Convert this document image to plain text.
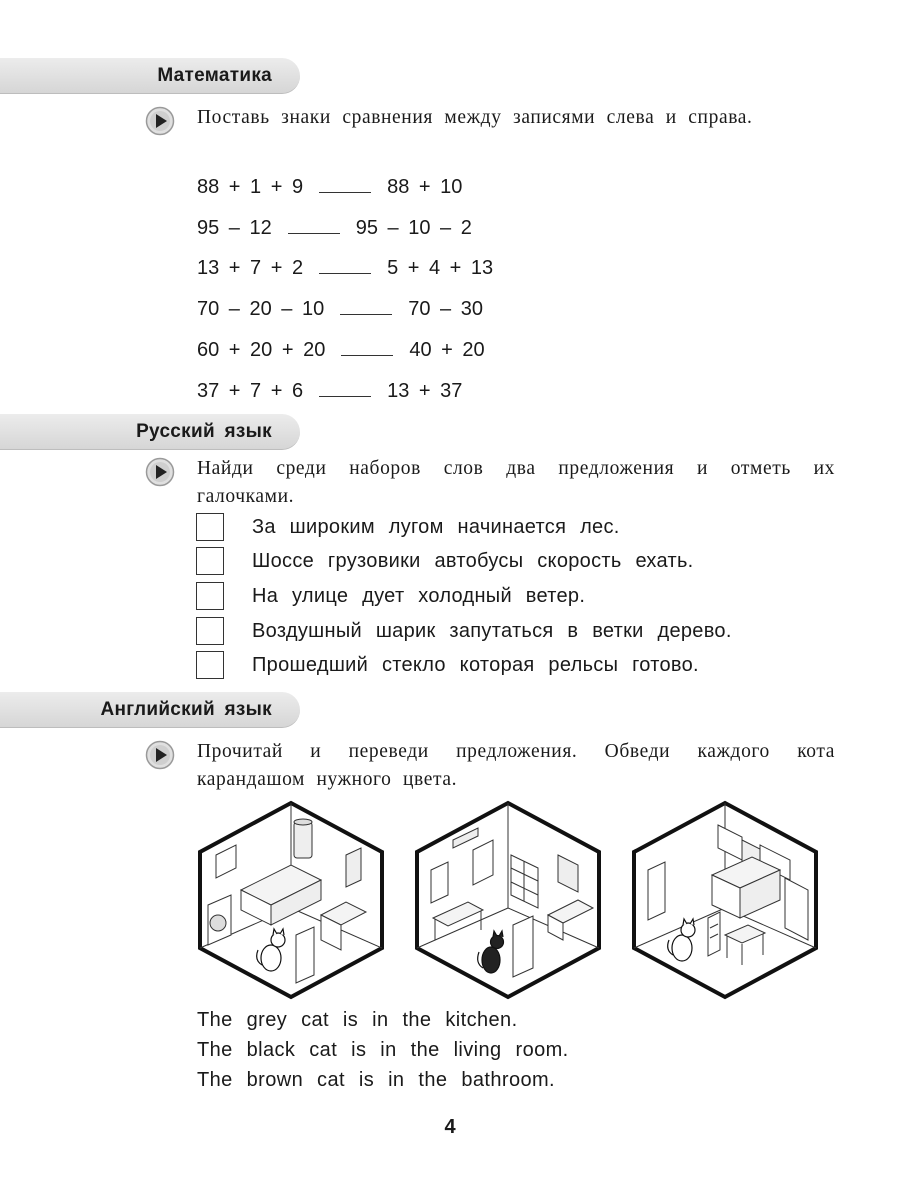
Математика
Поставь знаки сравнения между записями слева и справа.
88 + 1 + 9	88 + 10
95 – 12	95 – 10 – 2
13 + 7 + 2	5 + 4 + 13
70 – 20 – 10	70 – 30
60 + 20 + 20	40 + 20
37 + 7 + 6	13 + 37
Русский язык
Найди среди наборов слов два предложения и отметь их галочками.
За широким лугом начинается лес.
Шоссе грузовики автобусы скорость ехать.
На улице дует холодный ветер.
Воздушный шарик запутаться в ветки дерево.
Прошедший стекло которая рельсы готово.
Английский язык
Прочитай и переведи предложения. Обведи каждого кота карандашом нужного цвета.
The grey cat is in the kitchen.
The black cat is in the living room.
The brown cat is in the bathroom.
4
